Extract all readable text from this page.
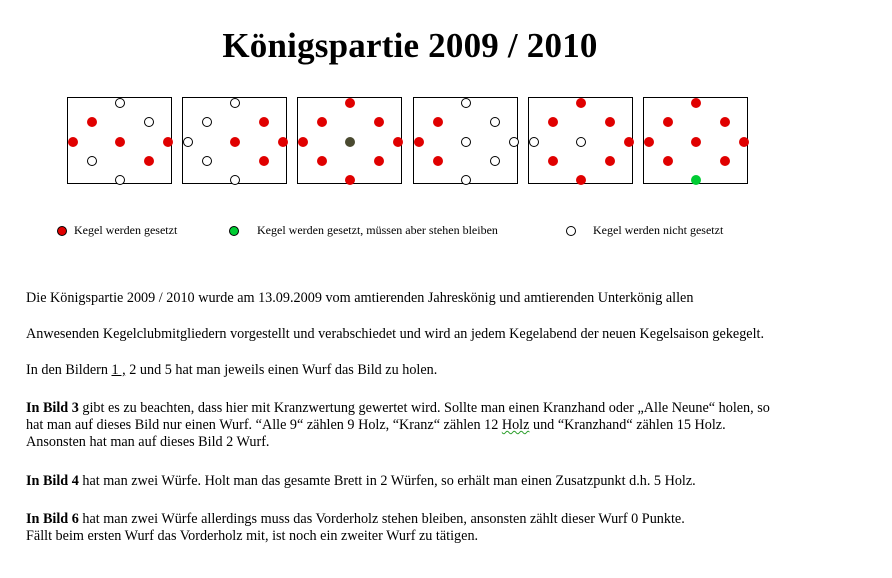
Königspartie 2009 / 2010
Kegel werden gesetzt	Kegel werden gesetzt, müssen aber stehen bleiben	Kegel werden nicht gesetzt
Die Königspartie 2009 / 2010 wurde am 13.09.2009 vom amtierenden Jahreskönig und amtierenden Unterkönig allen
Anwesenden Kegelclubmitgliedern vorgestellt und verabschiedet und wird an jedem Kegelabend der neuen Kegelsaison gekegelt.
In den Bildern 1 , 2 und 5 hat man jeweils einen Wurf das Bild zu holen.
In Bild 3 gibt es zu beachten, dass hier mit Kranzwertung gewertet wird. Sollte man einen Kranzhand oder „Alle Neune“ holen, so
hat man auf dieses Bild nur einen Wurf. “Alle 9“ zählen 9 Holz, “Kranz“ zählen 12 Holz und “Kranzhand“ zählen 15 Holz.
Ansonsten hat man auf dieses Bild 2 Wurf.
In Bild 4 hat man zwei Würfe. Holt man das gesamte Brett in 2 Würfen, so erhält man einen Zusatzpunkt d.h. 5 Holz.
In Bild 6 hat man zwei Würfe allerdings muss das Vorderholz stehen bleiben, ansonsten zählt dieser Wurf 0 Punkte.
Fällt beim ersten Wurf das Vorderholz mit, ist noch ein zweiter Wurf zu tätigen.
